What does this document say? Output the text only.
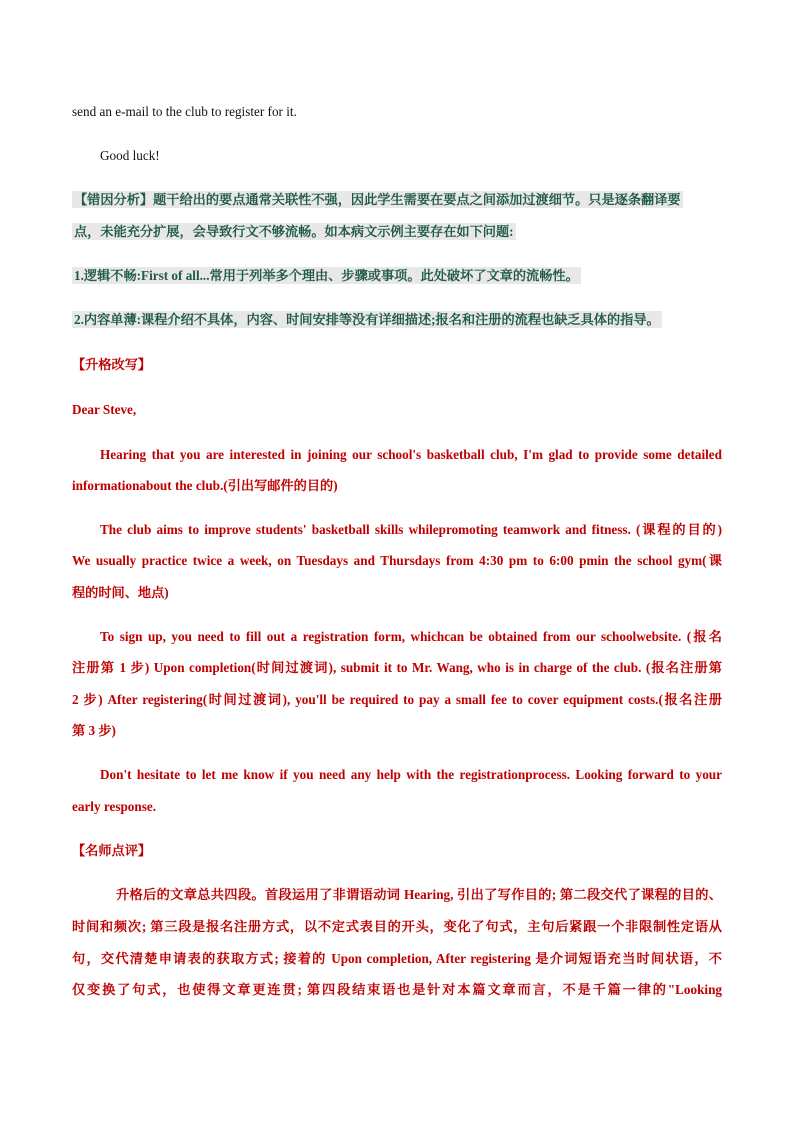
send an e-mail to the club to register for it.
Good luck!
【错因分析】题干给出的要点通常关联性不强，因此学生需要在要点之间添加过渡细节。只是逐条翻译要
点，未能充分扩展，会导致行文不够流畅。如本病文示例主要存在如下问题:
1.逻辑不畅:First of all...常用于列举多个理由、步骤或事项。此处破坏了文章的流畅性。
2.内容单薄:课程介绍不具体，内容、时间安排等没有详细描述;报名和注册的流程也缺乏具体的指导。
【升格改写】
Dear Steve,
Hearing that you are interested in joining our school's basketball club, I'm glad to provide some detailed
informationabout the club.(引出写邮件的目的)
The club aims to improve students' basketball skills whilepromoting teamwork and fitness. (课程的目的)
We usually practice twice a week, on Tuesdays and Thursdays from 4:30 pm to 6:00 pmin the school gym(课
程的时间、地点)
To sign up, you need to fill out a registration form, whichcan be obtained from our schoolwebsite. (报名
注册第 1 步) Upon completion(时间过渡词), submit it to Mr. Wang, who is in charge of the club. (报名注册第
2 步) After registering(时间过渡词), you'll be required to pay a small fee to cover equipment costs.(报名注册
第 3 步)
Don't hesitate to let me know if you need any help with the registrationprocess. Looking forward to your
early response.
【名师点评】
升格后的文章总共四段。首段运用了非谓语动词 Hearing, 引出了写作目的; 第二段交代了课程的目的、
时间和频次; 第三段是报名注册方式，以不定式表目的开头，变化了句式，主句后紧跟一个非限制性定语从
句，交代清楚申请表的获取方式; 接着的 Upon completion, After registering 是介词短语充当时间状语，不
仅变换了句式，也使得文章更连贯; 第四段结束语也是针对本篇文章而言，不是千篇一律的"Looking
